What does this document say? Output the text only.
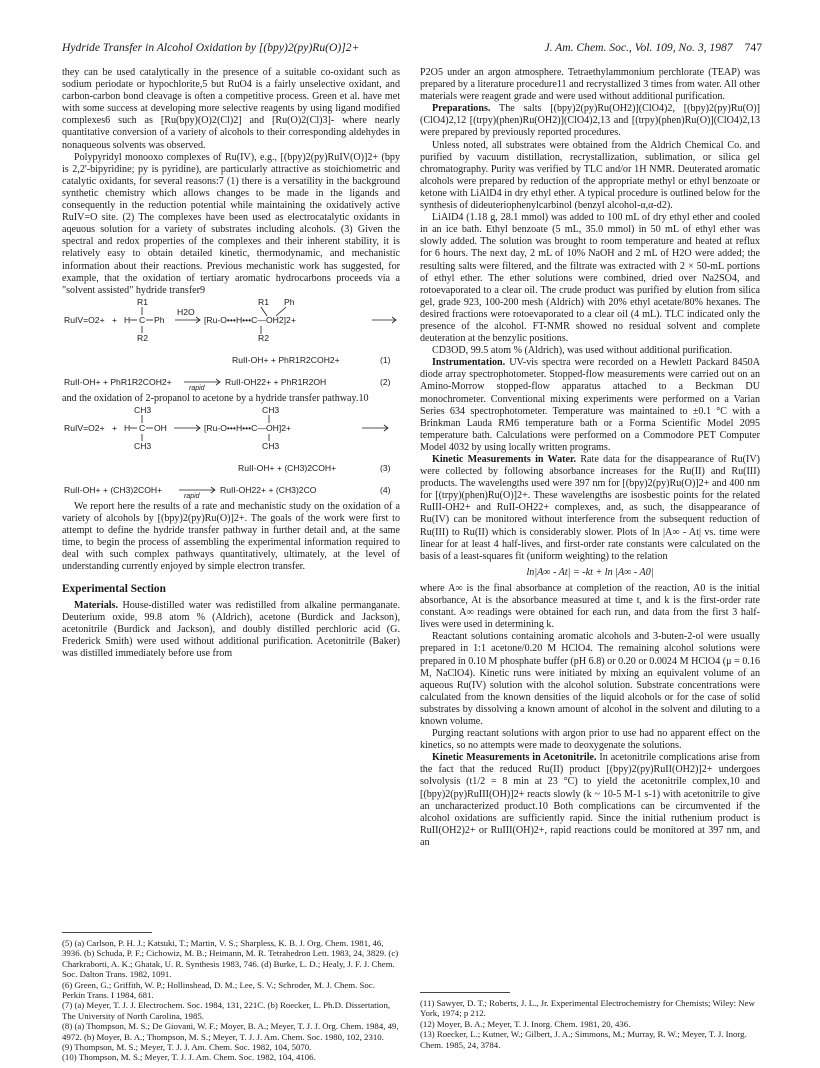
Hydride Transfer in Alcohol Oxidation by [(bpy)2(py)Ru(O)]2+	J. Am. Chem. Soc., Vol. 109, No. 3, 1987 747

they can be used catalytically in the presence of a suitable co-oxidant such as sodium periodate or hypochlorite,5 but RuO4 is a fairly unselective oxidant, and carbon-carbon bond cleavage is often a competitive process. Green et al. have met with some success at developing more selective reagents by using ligand modified complexes6 such as [Ru(bpy)(O)2(Cl)2] and [Ru(O)2(Cl)3]- where nearly quantitative conversion of a variety of alcohols to their corresponding aldehydes in nonaqueous solvents was observed.

Polypyridyl monooxo complexes of Ru(IV), e.g., [(bpy)2(py)RuIV(O)]2+ (bpy is 2,2'-bipyridine; py is pyridine), are particularly attractive as stoichiometric and catalytic oxidants, for several reasons:7 (1) there is a versatility in the background synthetic chemistry which allows changes to be made in the ligands and consequently in the reduction potential while maintaining the oxidatively active RuIV=O site. (2) The complexes have been used as electrocatalytic oxidants in aqeuous solution for a variety of substrates including alcohols. (3) Given the spectral and redox properties of the complexes and their inherent stability, it is relatively easy to obtain detailed kinetic, thermodynamic, and mechanistic information about their reactions. Previous mechanistic work has suggested, for example, that the oxidation of tertiary aromatic hydrocarbons proceeds via a "solvent assisted" hydride transfer9

RuIV=O2+ + H C Ph
R1
R2
H2O
[Ru-O•••H•••C—OH2]2+
R1 Ph
R2
RuII-OH+ + PhR1R2COH2+	(1)
RuII-OH+ + PhR1R2COH2+
rapid
RuII-OH22+ + PhR1R2OH	(2)

and the oxidation of 2-propanol to acetone by a hydride transfer pathway.10

RuIV=O2+ + H C OH
CH3
CH3
[Ru-O•••H•••C—OH]2+
CH3
CH3
RuII-OH+ + (CH3)2COH+	(3)
RuII-OH+ + (CH3)2COH+
rapid
RuII-OH22+ + (CH3)2CO	(4)

We report here the results of a rate and mechanistic study on the oxidation of a variety of alcohols by [(bpy)2(py)Ru(O)]2+. The goals of the work were first to attempt to define the hydride transfer pathway in further detail and, at the same time, to begin the process of assembling the experimental information required to deal with such complex pathways quantitatively, ultimately, at the level of understanding currently enjoyed by simple electron transfer.

Experimental Section

Materials. House-distilled water was redistilled from alkaline permanganate. Deuterium oxide, 99.8 atom % (Aldrich), acetone (Burdick and Jackson), acetonitrile (Burdick and Jackson), and doubly distilled perchloric acid (G. Frederick Smith) were used without additional purification. Acetonitrile (Baker) was distilled immediately before use from

P2O5 under an argon atmosphere. Tetraethylammonium perchlorate (TEAP) was prepared by a literature procedure11 and recrystallized 3 times from water. All other materials were reagent grade and were used without additional purification.

Preparations. The salts [(bpy)2(py)Ru(OH2)](ClO4)2, [(bpy)2(py)Ru(O)](ClO4)2,12 [(trpy)(phen)Ru(OH2)](ClO4)2,13 and [(trpy)(phen)Ru(O)](ClO4)2,13 were prepared by previously reported procedures.

Unless noted, all substrates were obtained from the Aldrich Chemical Co. and purified by vacuum distillation, recrystallization, sublimation, or silica gel chromatography. Purity was verified by TLC and/or 1H NMR. Deuterated aromatic alcohols were prepared by reduction of the appropriate methyl or ethyl benzoate or ketone with LiAlD4 in dry ethyl ether. A typical procedure is outlined below for the synthesis of dideuteriophenylcarbinol (benzyl alcohol-α,α-d2).

LiAlD4 (1.18 g, 28.1 mmol) was added to 100 mL of dry ethyl ether and cooled in an ice bath. Ethyl benzoate (5 mL, 35.0 mmol) in 50 mL of ethyl ether was slowly added. The solution was brought to room temperature and heated at reflux for 6 hours. The next day, 2 mL of 10% NaOH and 2 mL of H2O were added; the resulting salts were filtered, and the filtrate was extracted with 2 × 50-mL portions of ethyl ether. The ether solutions were combined, dried over Na2SO4, and rotoevaporated to a clear oil. The crude product was purified by elution from silica gel, grade 923, 100-200 mesh (Aldrich) with 20% ethyl acetate/80% hexanes. The desired fractions were rotoevaporated to a clear oil (4 mL). TLC indicated only the presence of the alcohol. FT-NMR showed no residual solvent and complete deuteration at the benzylic positions.

CD3OD, 99.5 atom % (Aldrich), was used without additional purification.

Instrumentation. UV-vis spectra were recorded on a Hewlett Packard 8450A diode array spectrophotometer. Stopped-flow measurements were carried out on an Amino-Morrow stopped-flow apparatus attached to a Beckman DU monochrometer. Conventional mixing experiments were performed on a Varian Series 634 spectrophotometer. Temperature was maintained to ±0.1 °C with a Brinkman Lauda RM6 temperature bath or a Forma Scientific Model 2095 temperature bath. Calculations were performed on a Commodore PET Computer Model 4032 by using locally written programs.

Kinetic Measurements in Water. Rate data for the disappearance of Ru(IV) were collected by following absorbance increases for the Ru(II) and Ru(III) products. The wavelengths used were 397 nm for [(bpy)2(py)Ru(O)]2+ and 400 nm for [(trpy)(phen)Ru(O)]2+. These wavelengths are isosbestic points for the related RuIII-OH2+ and RuII-OH22+ complexes, and, as such, the disappearance of Ru(IV) can be monitored without interference from the subsequent reduction of Ru(III) to Ru(II) which is considerably slower. Plots of ln |A∞ - At| vs. time were linear for at least 4 half-lives, and first-order rate constants were calculated on the basis of a least-squares fit (uniform weighting) to the relation

ln|A∞ - At| = -kt + ln |A∞ - A0|

where A∞ is the final absorbance at completion of the reaction, A0 is the initial absorbance, At is the absorbance measured at time t, and k is the first-order rate constant. A∞ readings were obtained for each run, and data from the first 3 half-lives were used in determining k.

Reactant solutions containing aromatic alcohols and 3-buten-2-ol were usually prepared in 1:1 acetone/0.20 M HClO4. The remaining alcohol solutions were prepared in 0.10 M phosphate buffer (pH 6.8) or 0.20 or 0.0024 M HClO4 (μ = 0.16 M, NaClO4). Kinetic runs were initiated by mixing an equivalent volume of an aqueous Ru(IV) solution with the alcohol solution. Substrate concentrations were calculated from the known densities of the liquid alcohols or for the case of solid substrates by dissolving a known amount of alcohol in the solvent and diluting to a known volume.

Purging reactant solutions with argon prior to use had no apparent effect on the kinetics, so no attempts were made to deoxygenate the solutions.

Kinetic Measurements in Acetonitrile. In acetonitrile complications arise from the fact that the reduced Ru(II) product [(bpy)2(py)RuII(OH2)]2+ undergoes solvolysis (t1/2 = 8 min at 23 °C) to yield the acetonitrile complex,10 and [(bpy)2(py)RuIII(OH)]2+ reacts slowly (k ~ 10-5 M-1 s-1) with acetonitrile to give an uncharacterized product.10 Both complications can be circumvented if the alcohol oxidations are sufficiently rapid. Since the initial ruthenium product is RuII(OH2)2+ or RuIII(OH)2+, rapid reactions could be monitored at 397 nm, and an

(5) (a) Carlson, P. H. J.; Katsuki, T.; Martin, V. S.; Sharpless, K. B. J. Org. Chem. 1981, 46, 3936. (b) Schuda, P. F.; Cichowiz, M. B.; Heimann, M. R. Tetrahedron Lett. 1983, 24, 3829. (c) Charkraborti, A. K.; Ghatak, U. R. Synthesis 1983, 746. (d) Burke, L. D.; Healy, J. F. J. Chem. Soc. Dalton Trans. 1982, 1091.

(6) Green, G.; Griffith, W. P.; Hollinshead, D. M.; Lee, S. V.; Schroder, M. J. Chem. Soc. Perkin Trans. I 1984, 681.

(7) (a) Meyer, T. J. J. Electrochem. Soc. 1984, 131, 221C. (b) Roecker, L. Ph.D. Dissertation, The University of North Carolina, 1985.

(8) (a) Thompson, M. S.; De Giovani, W. F.; Moyer, B. A.; Meyer, T. J. J. Org. Chem. 1984, 49, 4972. (b) Moyer, B. A.; Thompson, M. S.; Meyer, T. J. J. Am. Chem. Soc. 1980, 102, 2310.

(9) Thompson, M. S.; Meyer, T. J. J. Am. Chem. Soc. 1982, 104, 5070.

(10) Thompson, M. S.; Meyer, T. J. J. Am. Chem. Soc. 1982, 104, 4106.

(11) Sawyer, D. T.; Roberts, J. L., Jr. Experimental Electrochemistry for Chemists; Wiley: New York, 1974; p 212.

(12) Moyer, B. A.; Meyer, T. J. Inorg. Chem. 1981, 20, 436.

(13) Roecker, L.; Kutner, W.; Gilbert, J. A.; Simmons, M.; Murray, R. W.; Meyer, T. J. Inorg. Chem. 1985, 24, 3784.
